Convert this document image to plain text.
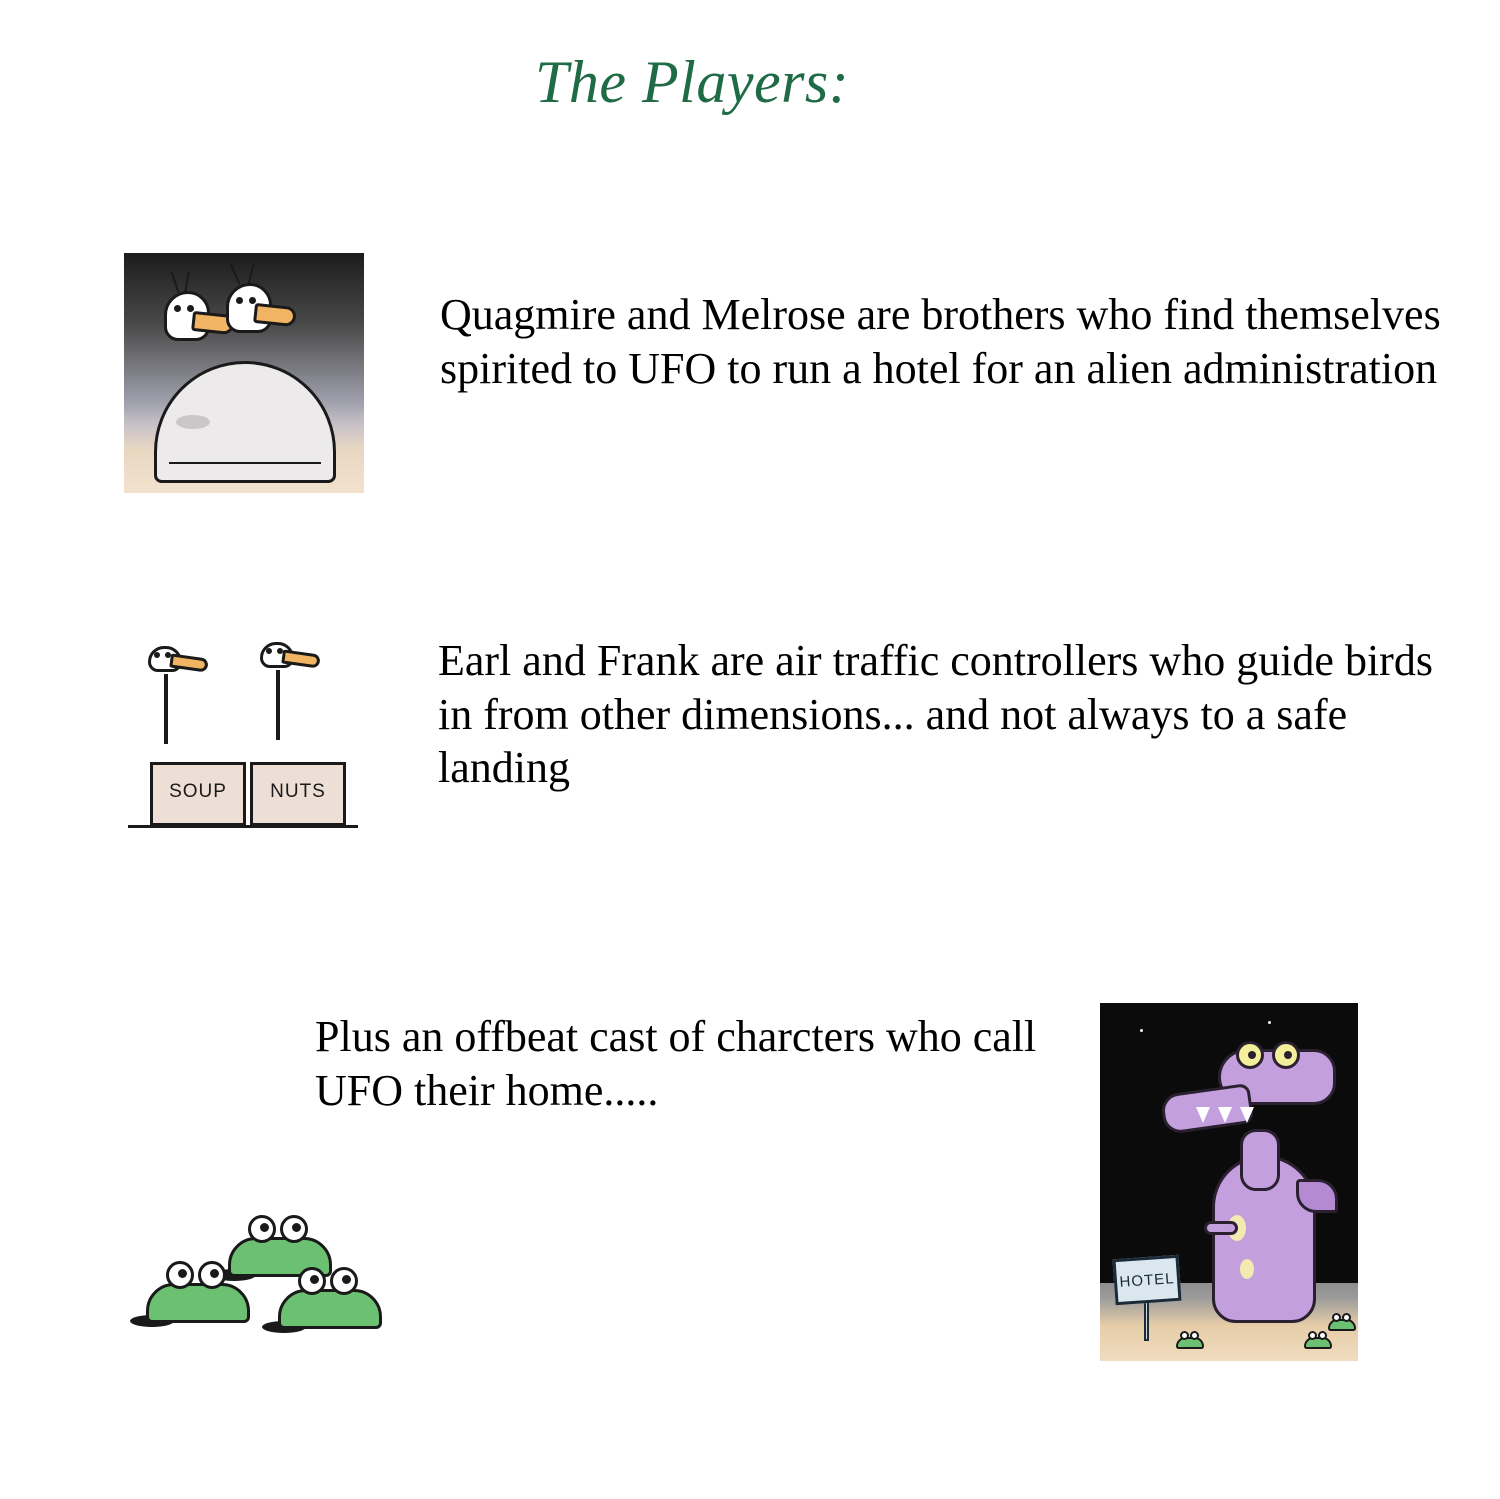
The Players:
Quagmire and Melrose are brothers who find themselves spirited to UFO to run a hotel for an alien administration
SOUP	NUTS
Earl and Frank are air traffic controllers who guide birds in from other dimensions... and not always to a safe landing
Plus an offbeat cast of charcters who call UFO their home.....
HOTEL
